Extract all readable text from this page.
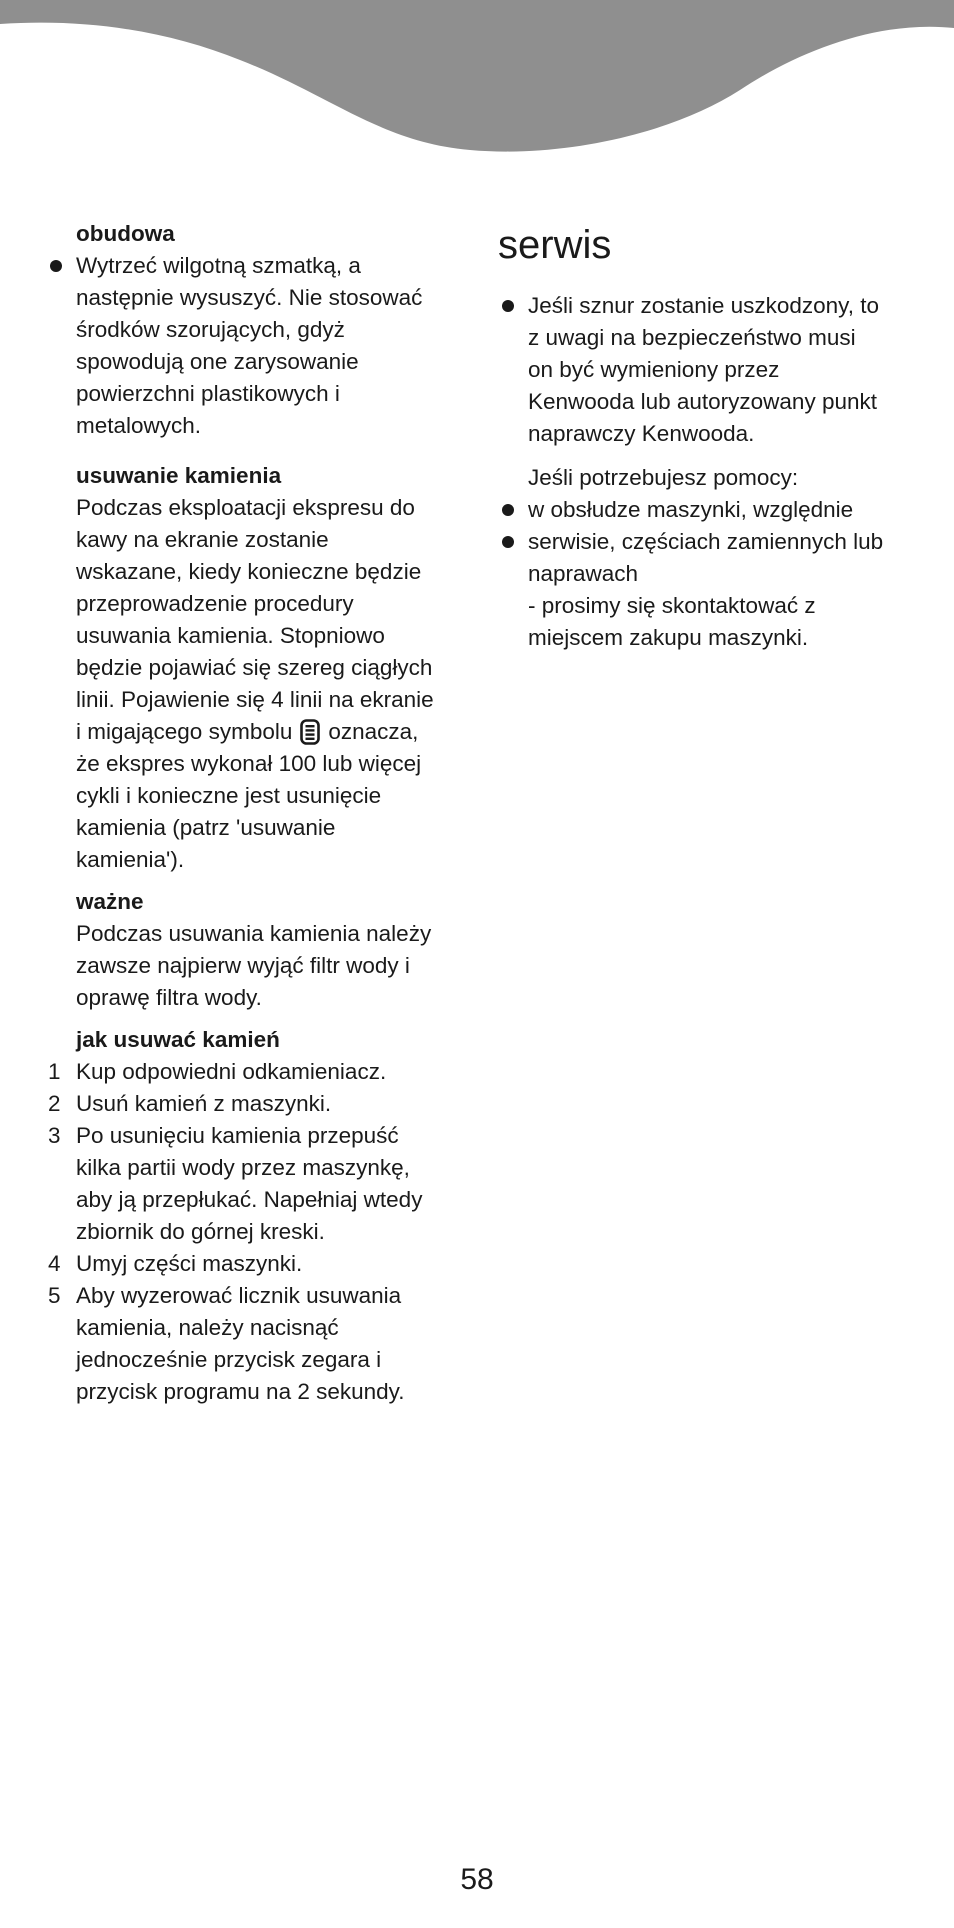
obudowa
Wytrzeć wilgotną szmatką, a
następnie wysuszyć. Nie stosować
środków szorujących, gdyż
spowodują one zarysowanie
powierzchni plastikowych i
metalowych.
usuwanie kamienia
Podczas eksploatacji ekspresu do
kawy na ekranie zostanie
wskazane, kiedy konieczne będzie
przeprowadzenie procedury
usuwania kamienia. Stopniowo
będzie pojawiać się szereg ciągłych
linii. Pojawienie się 4 linii na ekranie
i migającego symbolu oznacza,
że ekspres wykonał 100 lub więcej
cykli i konieczne jest usunięcie
kamienia (patrz 'usuwanie
kamienia').
ważne
Podczas usuwania kamienia należy
zawsze najpierw wyjąć filtr wody i
oprawę filtra wody.
jak usuwać kamień
1 Kup odpowiedni odkamieniacz.
2 Usuń kamień z maszynki.
3 Po usunięciu kamienia przepuść
kilka partii wody przez maszynkę,
aby ją przepłukać. Napełniaj wtedy
zbiornik do górnej kreski.
4 Umyj części maszynki.
5 Aby wyzerować licznik usuwania
kamienia, należy nacisnąć
jednocześnie przycisk zegara i
przycisk programu na 2 sekundy.
serwis
Jeśli sznur zostanie uszkodzony, to
z uwagi na bezpieczeństwo musi
on być wymieniony przez
Kenwooda lub autoryzowany punkt
naprawczy Kenwooda.
Jeśli potrzebujesz pomocy:
w obsłudze maszynki, względnie
serwisie, częściach zamiennych lub
naprawach
- prosimy się skontaktować z
miejscem zakupu maszynki.
58
